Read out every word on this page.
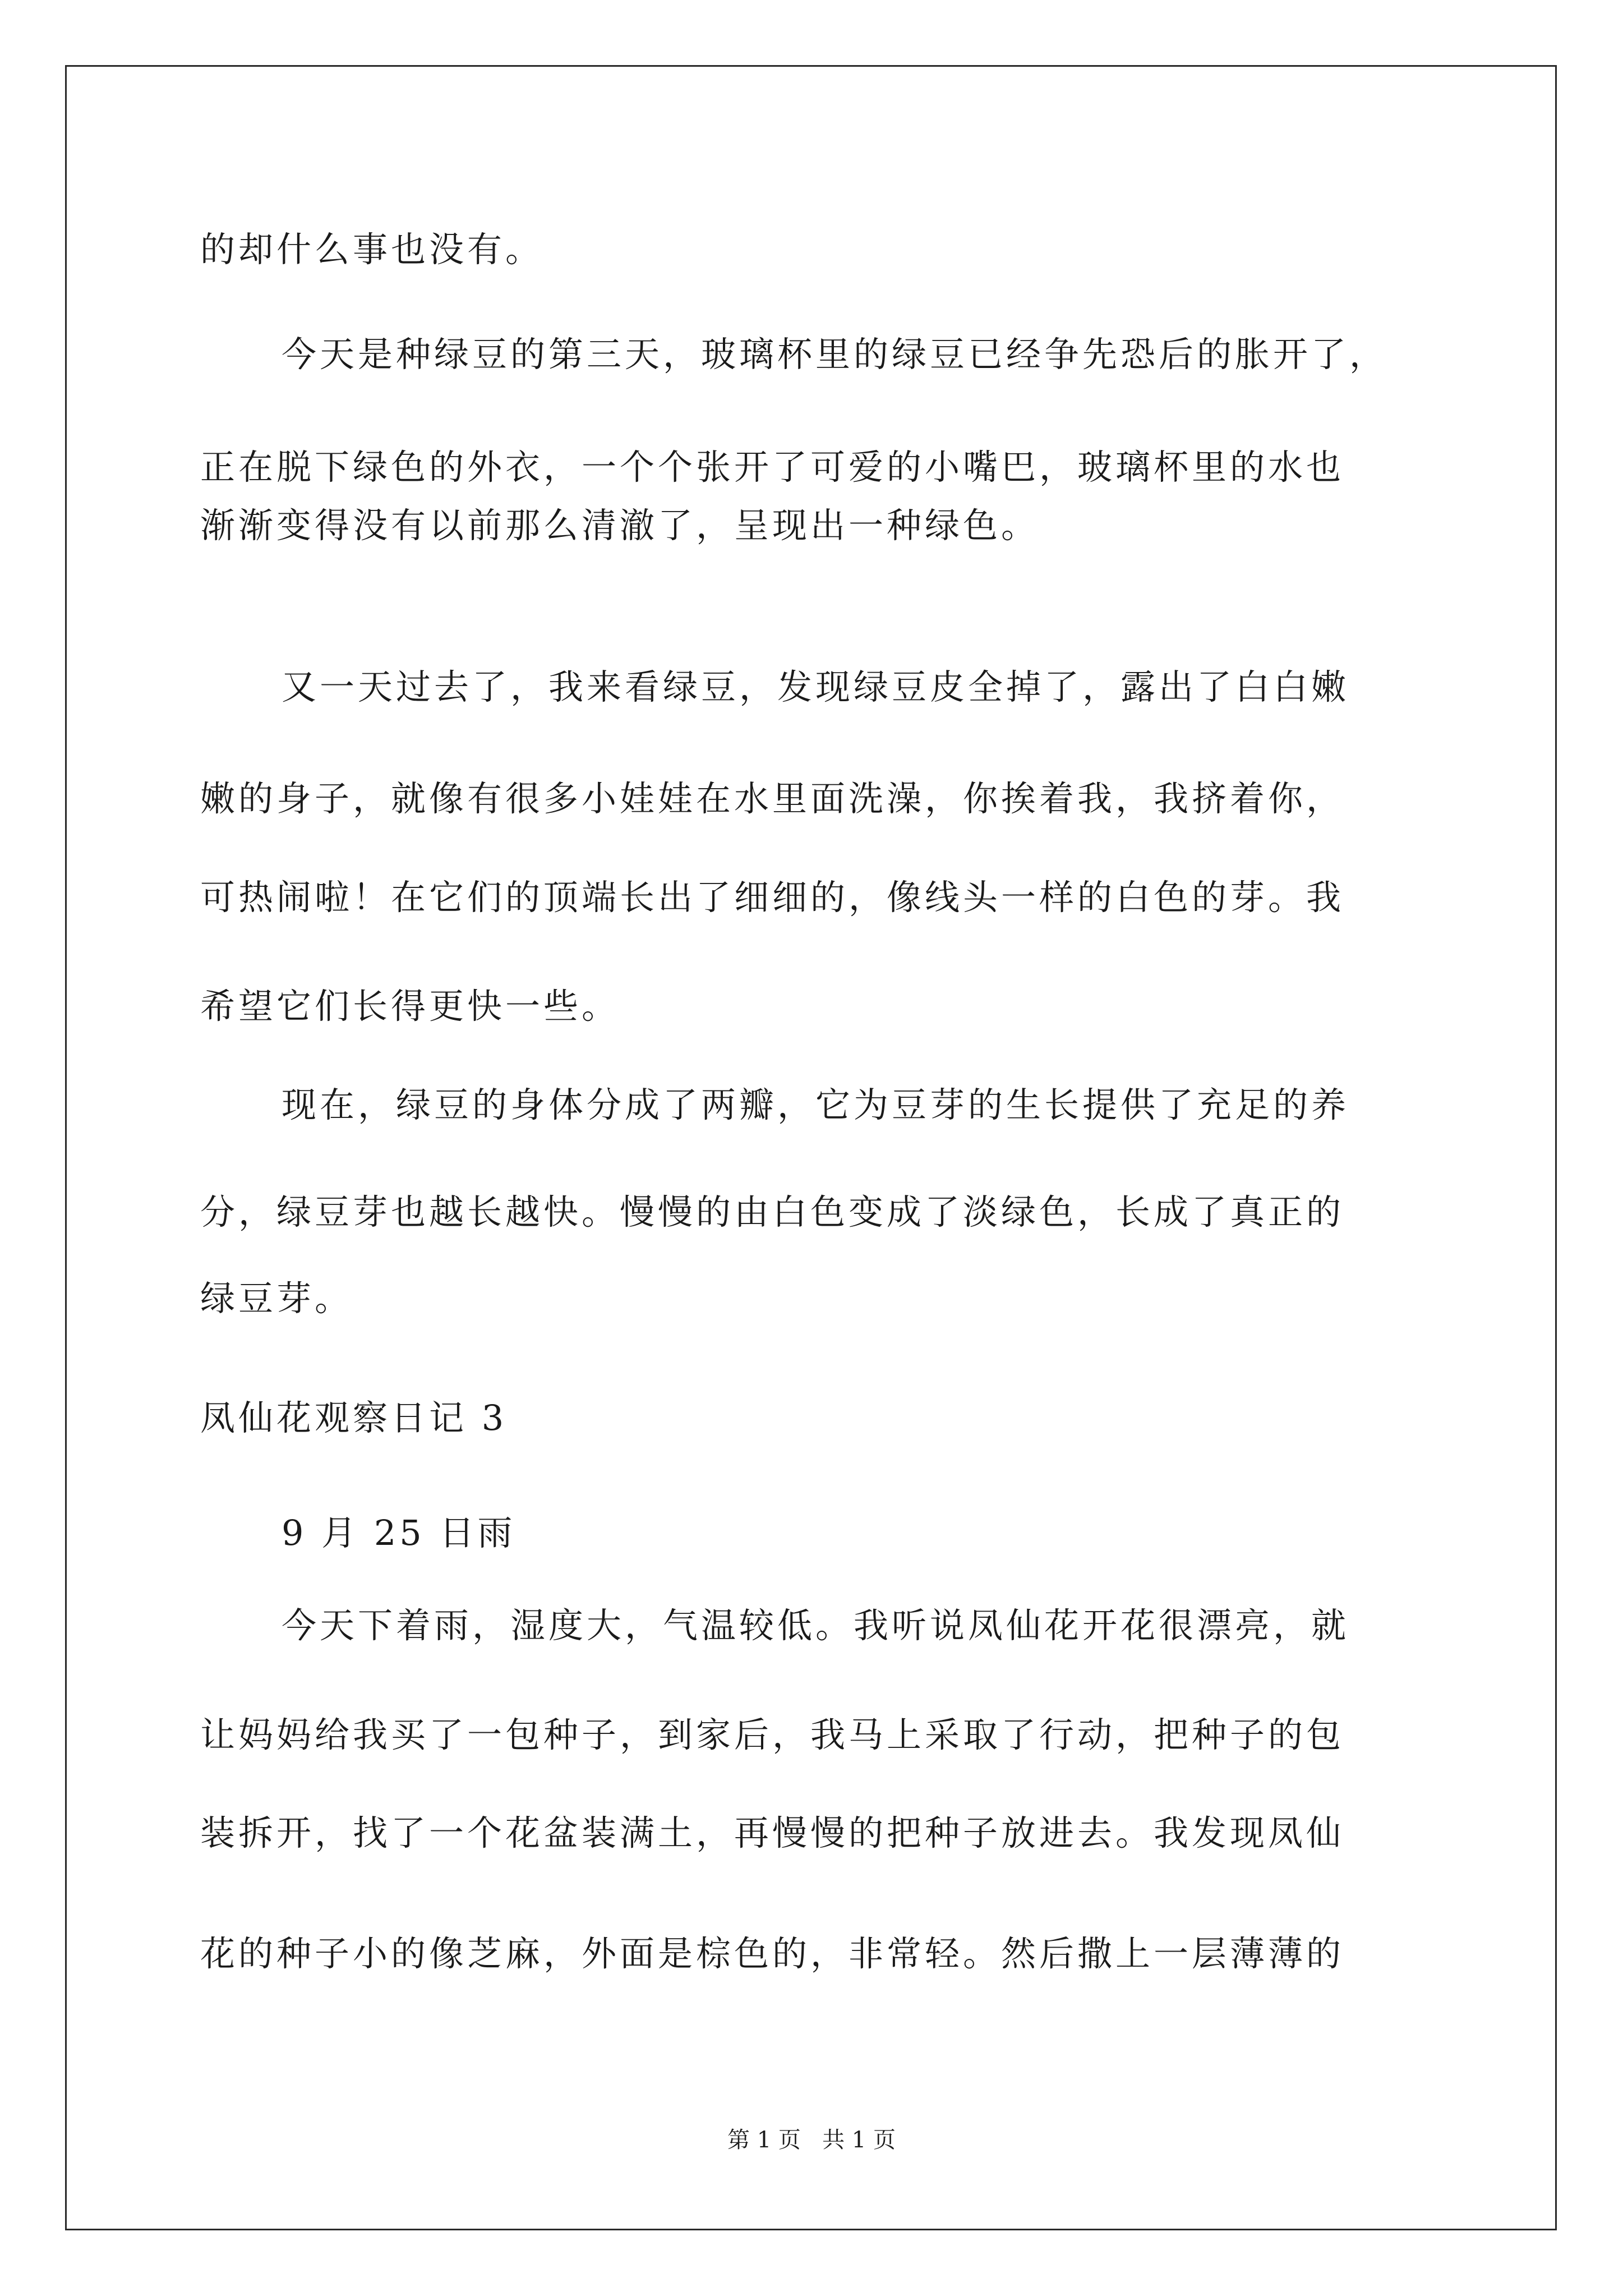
的却什么事也没有。
今天是种绿豆的第三天，玻璃杯里的绿豆已经争先恐后的胀开了，
正在脱下绿色的外衣，一个个张开了可爱的小嘴巴，玻璃杯里的水也
渐渐变得没有以前那么清澈了，呈现出一种绿色。
又一天过去了，我来看绿豆，发现绿豆皮全掉了，露出了白白嫩
嫩的身子，就像有很多小娃娃在水里面洗澡，你挨着我，我挤着你，
可热闹啦！在它们的顶端长出了细细的，像线头一样的白色的芽。我
希望它们长得更快一些。
现在，绿豆的身体分成了两瓣，它为豆芽的生长提供了充足的养
分，绿豆芽也越长越快。慢慢的由白色变成了淡绿色，长成了真正的
绿豆芽。
凤仙花观察日记 3
9 月 25 日雨
今天下着雨，湿度大，气温较低。我听说凤仙花开花很漂亮，就
让妈妈给我买了一包种子，到家后，我马上采取了行动，把种子的包
装拆开，找了一个花盆装满土，再慢慢的把种子放进去。我发现凤仙
花的种子小的像芝麻，外面是棕色的，非常轻。然后撒上一层薄薄的
第 1 页   共 1 页
